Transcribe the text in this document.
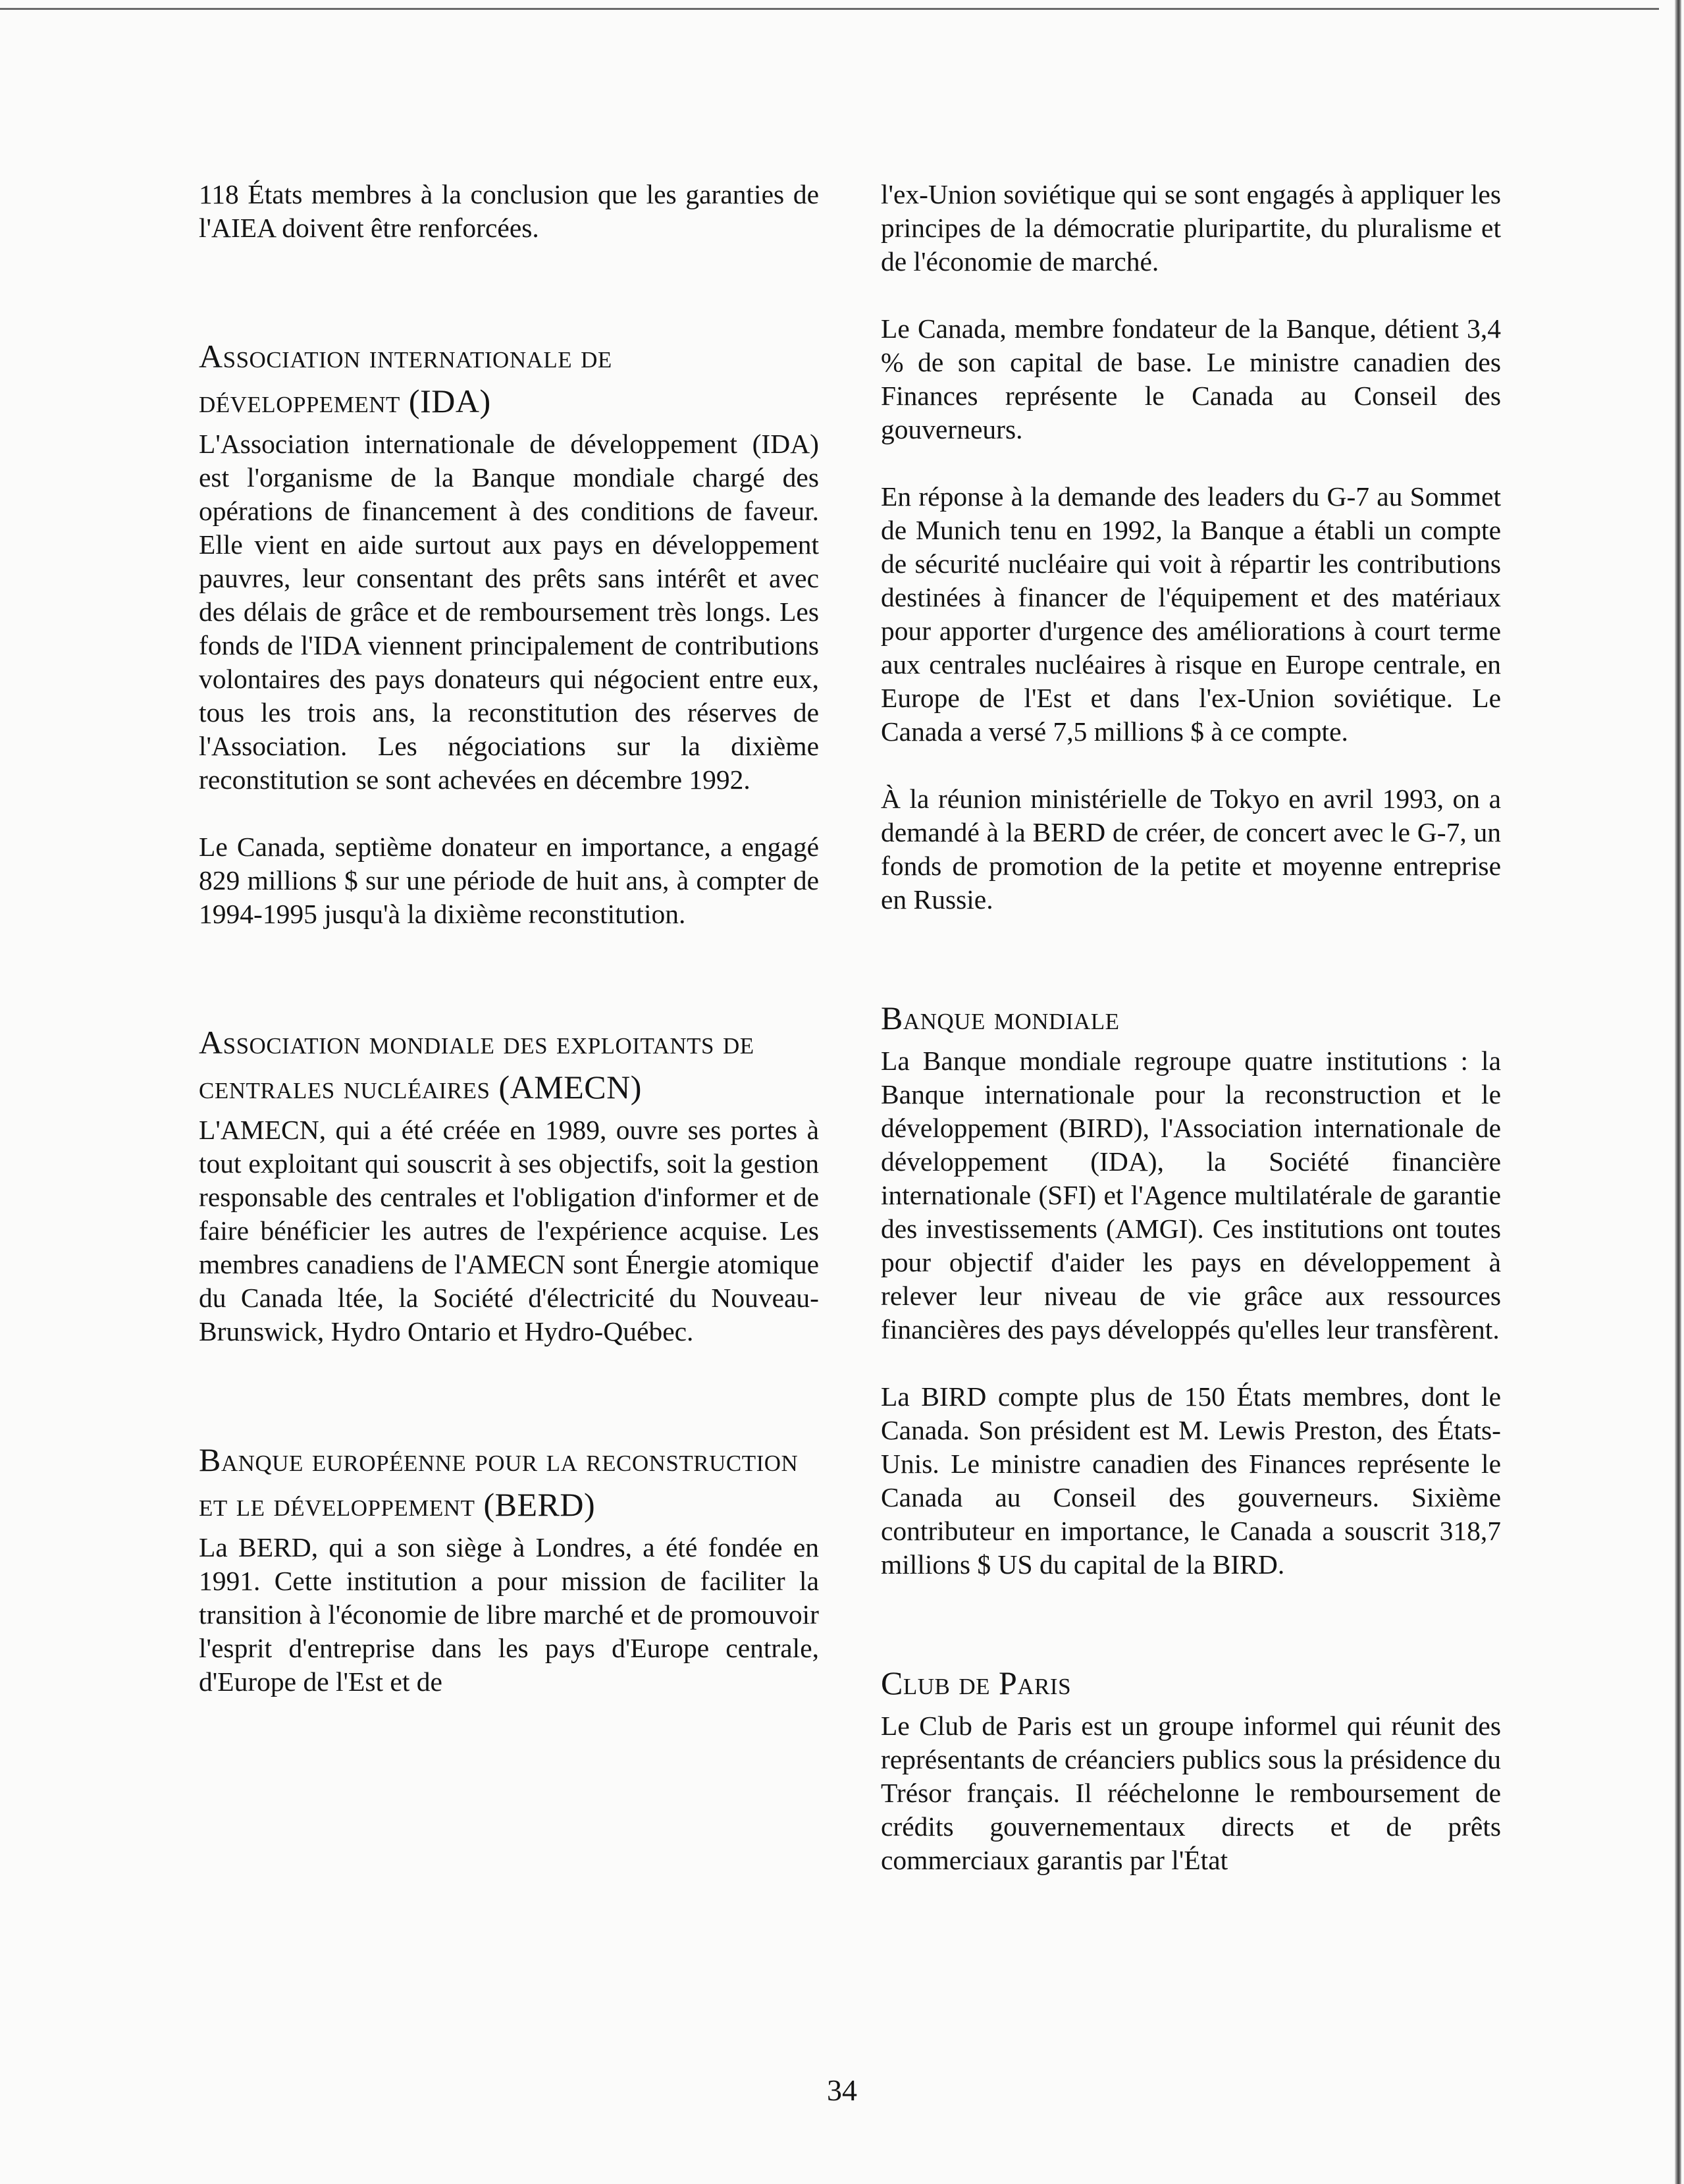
118 États membres à la conclusion que les garanties de l'AIEA doivent être renforcées.

Association internationale de développement (IDA)

L'Association internationale de développement (IDA) est l'organisme de la Banque mondiale chargé des opérations de financement à des conditions de faveur. Elle vient en aide surtout aux pays en développement pauvres, leur consentant des prêts sans intérêt et avec des délais de grâce et de remboursement très longs. Les fonds de l'IDA viennent principalement de contributions volontaires des pays donateurs qui négocient entre eux, tous les trois ans, la reconstitution des réserves de l'Association. Les négociations sur la dixième reconstitution se sont achevées en décembre 1992.

Le Canada, septième donateur en importance, a engagé 829 millions $ sur une période de huit ans, à compter de 1994-1995 jusqu'à la dixième reconstitution.

Association mondiale des exploitants de centrales nucléaires (AMECN)

L'AMECN, qui a été créée en 1989, ouvre ses portes à tout exploitant qui souscrit à ses objectifs, soit la gestion responsable des centrales et l'obligation d'informer et de faire bénéficier les autres de l'expérience acquise. Les membres canadiens de l'AMECN sont Énergie atomique du Canada ltée, la Société d'électricité du Nouveau-Brunswick, Hydro Ontario et Hydro-Québec.

Banque européenne pour la reconstruction et le développement (BERD)

La BERD, qui a son siège à Londres, a été fondée en 1991. Cette institution a pour mission de faciliter la transition à l'économie de libre marché et de promouvoir l'esprit d'entreprise dans les pays d'Europe centrale, d'Europe de l'Est et de

l'ex-Union soviétique qui se sont engagés à appliquer les principes de la démocratie pluripartite, du pluralisme et de l'économie de marché.

Le Canada, membre fondateur de la Banque, détient 3,4 % de son capital de base. Le ministre canadien des Finances représente le Canada au Conseil des gouverneurs.

En réponse à la demande des leaders du G-7 au Sommet de Munich tenu en 1992, la Banque a établi un compte de sécurité nucléaire qui voit à répartir les contributions destinées à financer de l'équipement et des matériaux pour apporter d'urgence des améliorations à court terme aux centrales nucléaires à risque en Europe centrale, en Europe de l'Est et dans l'ex-Union soviétique. Le Canada a versé 7,5 millions $ à ce compte.

À la réunion ministérielle de Tokyo en avril 1993, on a demandé à la BERD de créer, de concert avec le G-7, un fonds de promotion de la petite et moyenne entreprise en Russie.

Banque mondiale

La Banque mondiale regroupe quatre institutions : la Banque internationale pour la reconstruction et le développement (BIRD), l'Association internationale de développement (IDA), la Société financière internationale (SFI) et l'Agence multilatérale de garantie des investissements (AMGI). Ces institutions ont toutes pour objectif d'aider les pays en développement à relever leur niveau de vie grâce aux ressources financières des pays développés qu'elles leur transfèrent.

La BIRD compte plus de 150 États membres, dont le Canada. Son président est M. Lewis Preston, des États-Unis. Le ministre canadien des Finances représente le Canada au Conseil des gouverneurs. Sixième contributeur en importance, le Canada a souscrit 318,7 millions $ US du capital de la BIRD.

Club de Paris

Le Club de Paris est un groupe informel qui réunit des représentants de créanciers publics sous la présidence du Trésor français. Il rééchelonne le remboursement de crédits gouvernementaux directs et de prêts commerciaux garantis par l'État

34
